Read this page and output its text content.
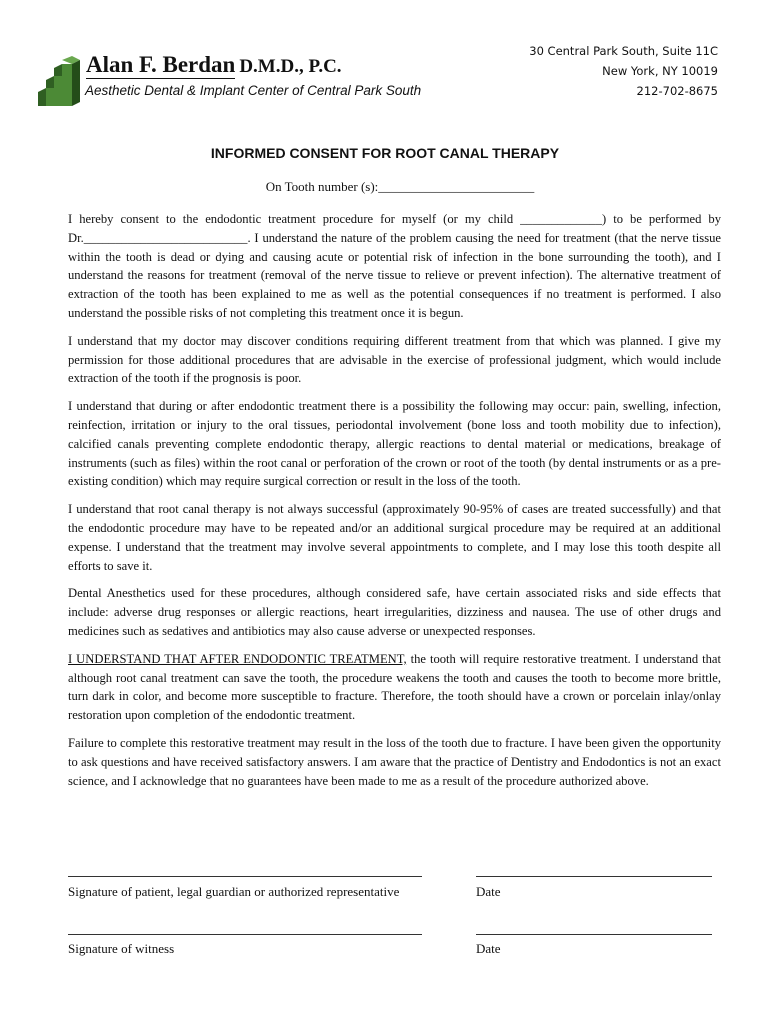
Alan F. Berdan D.M.D., P.C.
Aesthetic Dental & Implant Center of Central Park South
30 Central Park South, Suite 11C
New York, NY 10019
212-702-8675
INFORMED CONSENT FOR ROOT CANAL THERAPY
On Tooth number (s):________________________

I hereby consent to the endodontic treatment procedure for myself (or my child _____________) to be performed by Dr.__________________________. I understand the nature of the problem causing the need for treatment (that the nerve tissue within the tooth is dead or dying and causing acute or potential risk of infection in the bone surrounding the tooth), and I understand the reasons for treatment (removal of the nerve tissue to relieve or prevent infection). The alternative treatment of extraction of the tooth has been explained to me as well as the potential consequences if no treatment is performed. I also understand the possible risks of not completing this treatment once it is begun.

I understand that my doctor may discover conditions requiring different treatment from that which was planned. I give my permission for those additional procedures that are advisable in the exercise of professional judgment, which would include extraction of the tooth if the prognosis is poor.

I understand that during or after endodontic treatment there is a possibility the following may occur: pain, swelling, infection, reinfection, irritation or injury to the oral tissues, periodontal involvement (bone loss and tooth mobility due to infection), calcified canals preventing complete endodontic therapy, allergic reactions to dental material or medications, breakage of instruments (such as files) within the root canal or perforation of the crown or root of the tooth (by dental instruments or as a pre-existing condition) which may require surgical correction or result in the loss of the tooth.

I understand that root canal therapy is not always successful (approximately 90-95% of cases are treated successfully) and that the endodontic procedure may have to be repeated and/or an additional surgical procedure may be required at an additional expense. I understand that the treatment may involve several appointments to complete, and I may lose this tooth despite all efforts to save it.

Dental Anesthetics used for these procedures, although considered safe, have certain associated risks and side effects that include: adverse drug responses or allergic reactions, heart irregularities, dizziness and nausea. The use of other drugs and medicines such as sedatives and antibiotics may also cause adverse or unexpected responses.

I UNDERSTAND THAT AFTER ENDODONTIC TREATMENT, the tooth will require restorative treatment. I understand that although root canal treatment can save the tooth, the procedure weakens the tooth and causes the tooth to become more brittle, turn dark in color, and become more susceptible to fracture. Therefore, the tooth should have a crown or porcelain inlay/onlay restoration upon completion of the endodontic treatment.

Failure to complete this restorative treatment may result in the loss of the tooth due to fracture. I have been given the opportunity to ask questions and have received satisfactory answers. I am aware that the practice of Dentistry and Endodontics is not an exact science, and I acknowledge that no guarantees have been made to me as a result of the procedure authorized above.

Signature of patient, legal guardian or authorized representative	Date
Signature of witness	Date
